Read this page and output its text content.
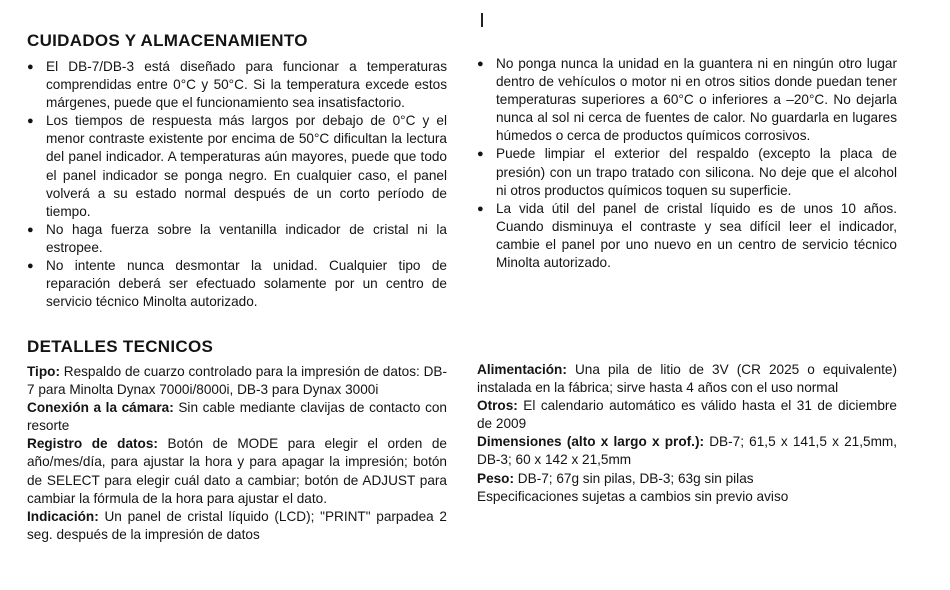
CUIDADOS Y ALMACENAMIENTO
● El DB-7/DB-3 está diseñado para funcionar a temperaturas comprendidas entre 0°C y 50°C. Si la temperatura excede estos márgenes, puede que el funcionamiento sea insatisfactorio.
● Los tiempos de respuesta más largos por debajo de 0°C y el menor contraste existente por encima de 50°C dificultan la lectura del panel indicador. A temperaturas aún mayores, puede que todo el panel indicador se ponga negro. En cualquier caso, el panel volverá a su estado normal después de un corto período de tiempo.
● No haga fuerza sobre la ventanilla indicador de cristal ni la estropee.
● No intente nunca desmontar la unidad. Cualquier tipo de reparación deberá ser efectuado solamente por un centro de servicio técnico Minolta autorizado.
● No ponga nunca la unidad en la guantera ni en ningún otro lugar dentro de vehículos o motor ni en otros sitios donde puedan tener temperaturas superiores a 60°C o inferiores a –20°C. No dejarla nunca al sol ni cerca de fuentes de calor. No guardarla en lugares húmedos o cerca de productos químicos corrosivos.
● Puede limpiar el exterior del respaldo (excepto la placa de presión) con un trapo tratado con silicona. No deje que el alcohol ni otros productos químicos toquen su superficie.
● La vida útil del panel de cristal líquido es de unos 10 años. Cuando disminuya el contraste y sea difícil leer el indicador, cambie el panel por uno nuevo en un centro de servicio técnico Minolta autorizado.
DETALLES TECNICOS

Tipo: Respaldo de cuarzo controlado para la impresión de datos: DB-7 para Minolta Dynax 7000i/8000i, DB-3 para Dynax 3000i

Conexión a la cámara: Sin cable mediante clavijas de contacto con resorte

Registro de datos: Botón de MODE para elegir el orden de año/mes/día, para ajustar la hora y para apagar la impresión; botón de SELECT para elegir cuál dato a cambiar; botón de ADJUST para cambiar la fórmula de la hora para ajustar el dato.

Indicación: Un panel de cristal líquido (LCD); "PRINT" parpadea 2 seg. después de la impresión de datos

Alimentación: Una pila de litio de 3V (CR 2025 o equivalente) instalada en la fábrica; sirve hasta 4 años con el uso normal

Otros: El calendario automático es válido hasta el 31 de diciembre de 2009

Dimensiones (alto x largo x prof.): DB-7; 61,5 x 141,5 x 21,5mm, DB-3; 60 x 142 x 21,5mm

Peso: DB-7; 67g sin pilas, DB-3; 63g sin pilas

Especificaciones sujetas a cambios sin previo aviso
